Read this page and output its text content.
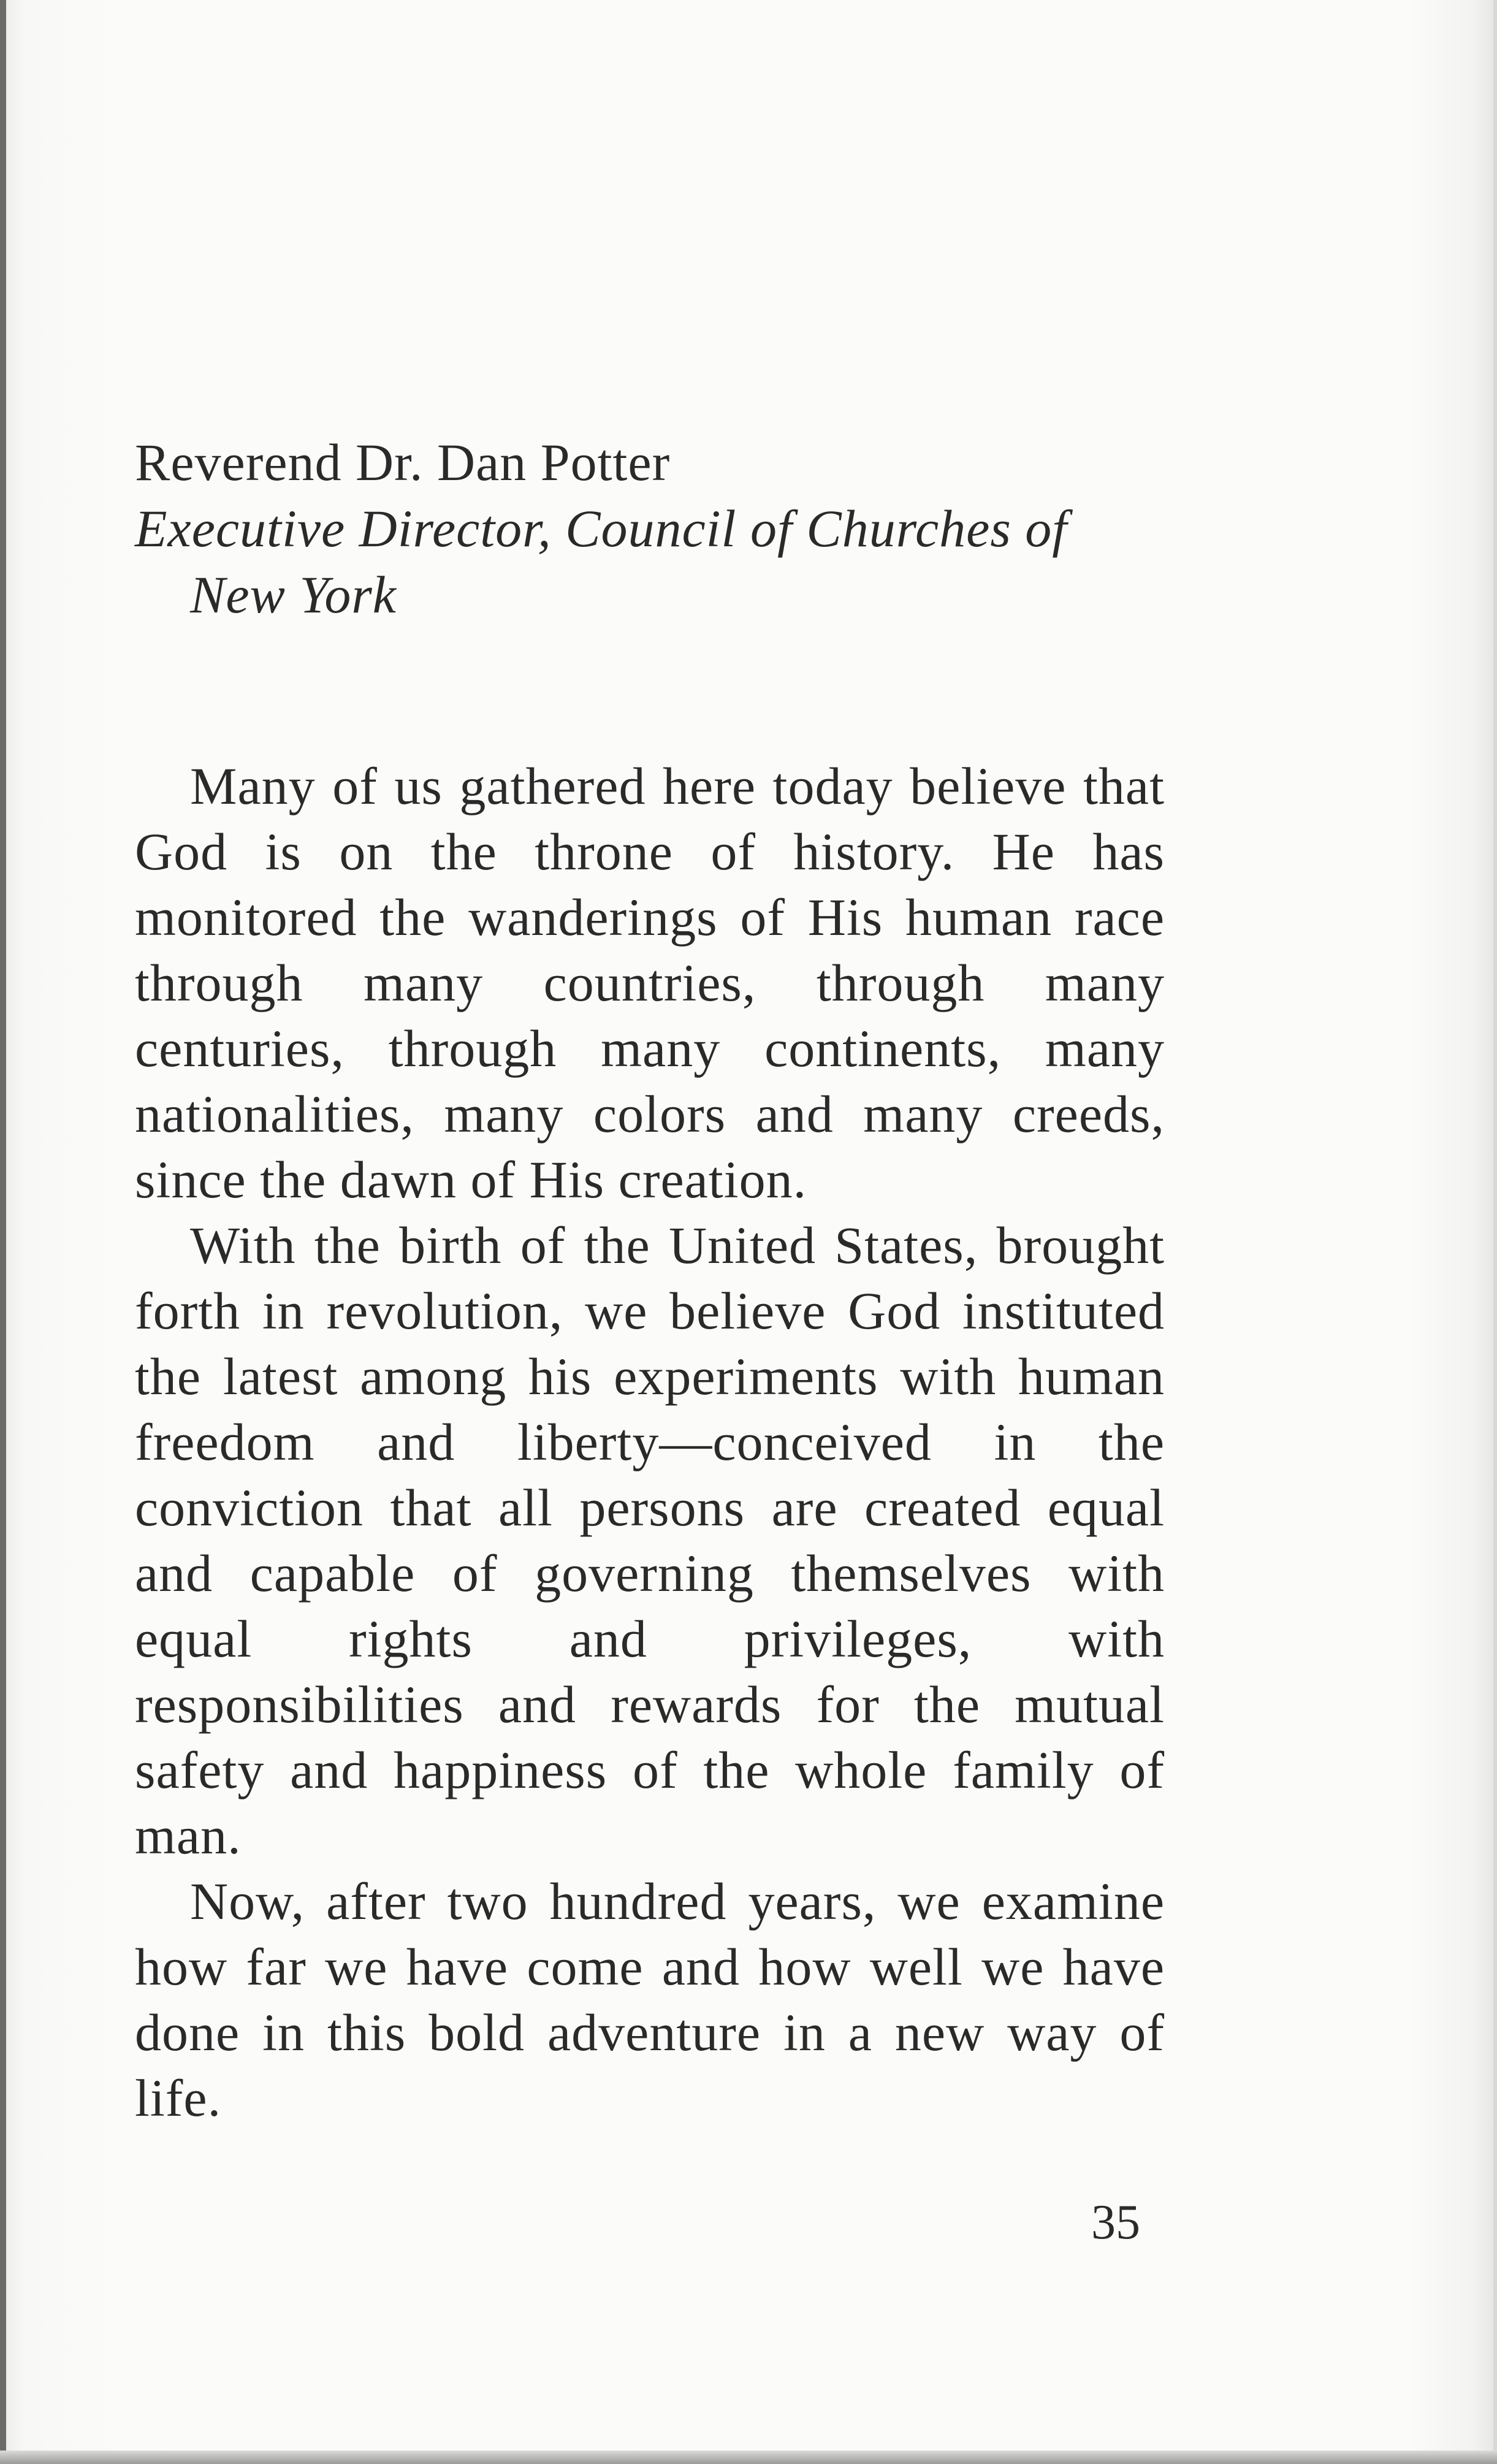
Reverend Dr. Dan Potter
Executive Director, Council of Churches of New York

Many of us gathered here today believe that God is on the throne of history. He has monitored the wanderings of His human race through many countries, through many centuries, through many continents, many nationalities, many colors and many creeds, since the dawn of His creation.

With the birth of the United States, brought forth in revolution, we believe God instituted the latest among his experiments with human freedom and liberty—conceived in the conviction that all persons are created equal and capable of governing themselves with equal rights and privileges, with responsibilities and rewards for the mutual safety and happiness of the whole family of man.

Now, after two hundred years, we examine how far we have come and how well we have done in this bold adventure in a new way of life.

35
